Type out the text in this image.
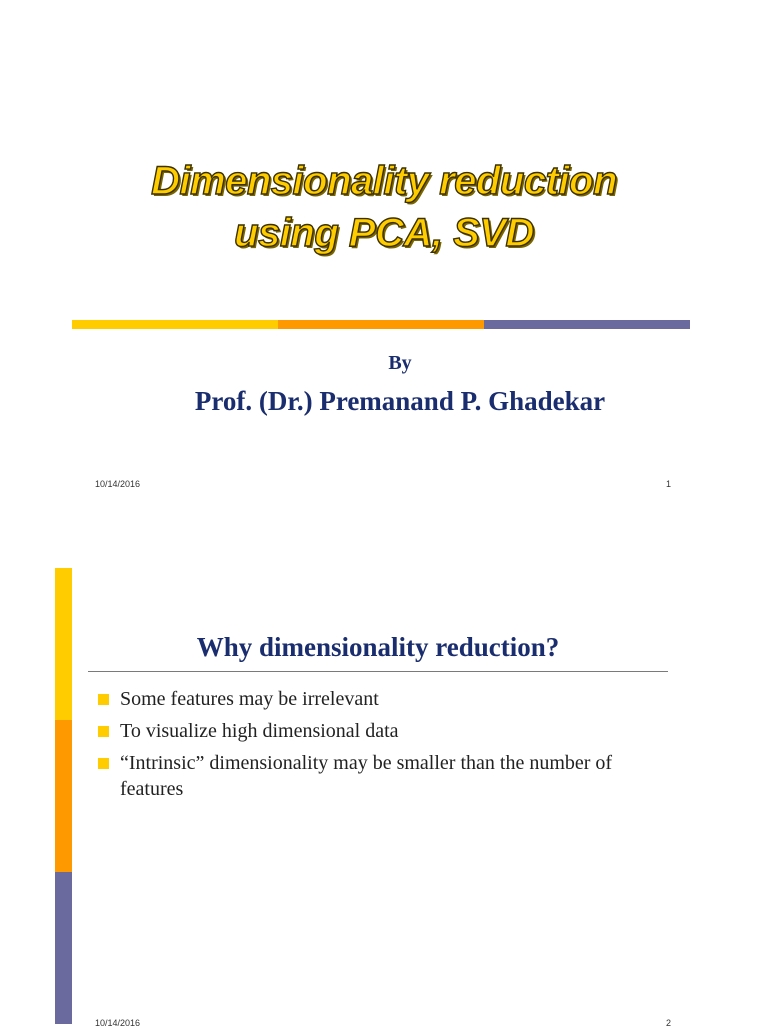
Dimensionality reduction
using PCA, SVD
By
Prof. (Dr.) Premanand P. Ghadekar
10/14/2016	1
Why dimensionality reduction?
Some features may be irrelevant
To visualize high dimensional data
“Intrinsic” dimensionality may be smaller than the number of features
10/14/2016	2
